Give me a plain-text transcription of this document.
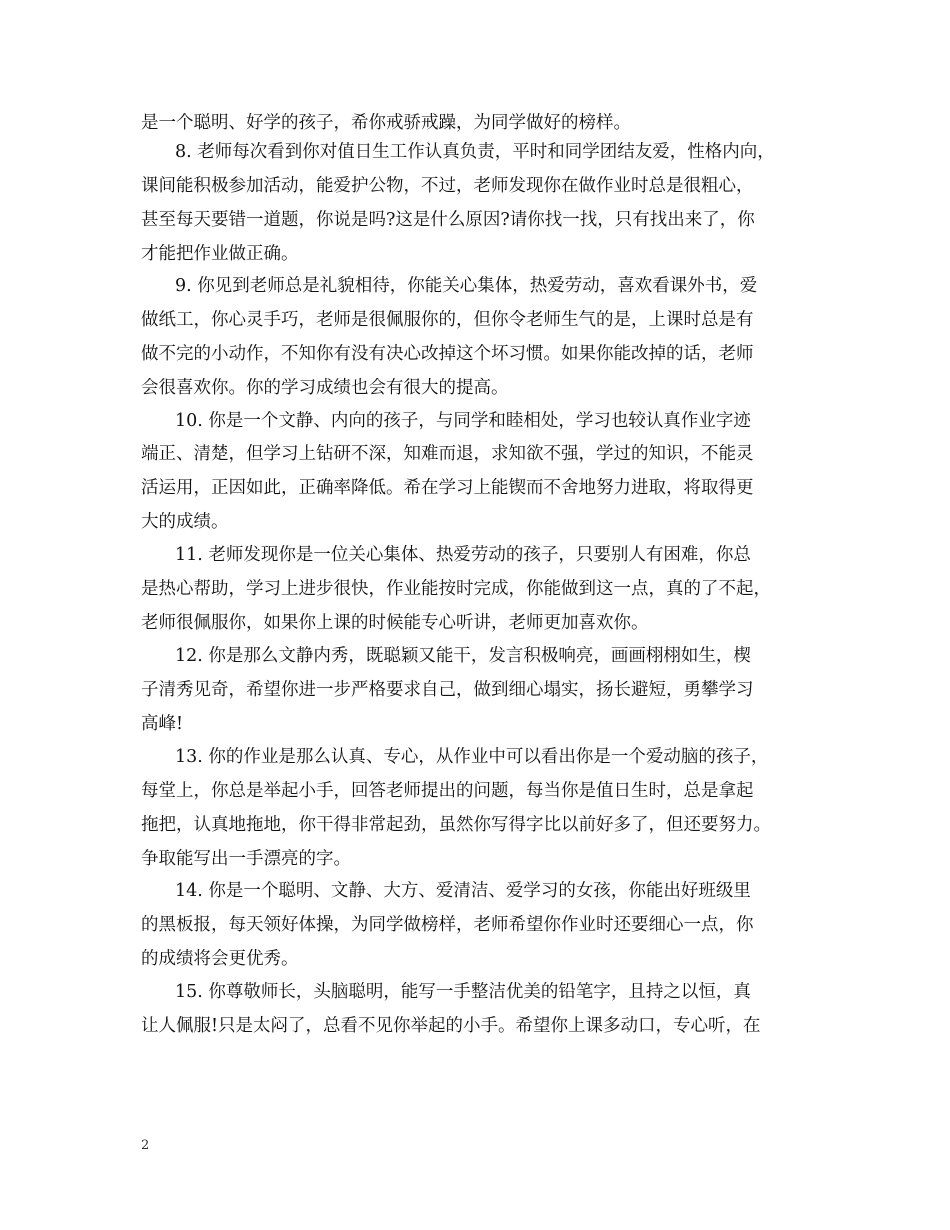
是一个聪明、好学的孩子，希你戒骄戒躁，为同学做好的榜样。
8. 老师每次看到你对值日生工作认真负责，平时和同学团结友爱，性格内向，
课间能积极参加活动，能爱护公物，不过，老师发现你在做作业时总是很粗心，
甚至每天要错一道题，你说是吗?这是什么原因?请你找一找，只有找出来了，你
才能把作业做正确。
9. 你见到老师总是礼貌相待，你能关心集体，热爱劳动，喜欢看课外书，爱
做纸工，你心灵手巧，老师是很佩服你的，但你令老师生气的是，上课时总是有
做不完的小动作，不知你有没有决心改掉这个坏习惯。如果你能改掉的话，老师
会很喜欢你。你的学习成绩也会有很大的提高。
10. 你是一个文静、内向的孩子，与同学和睦相处，学习也较认真作业字迹
端正、清楚，但学习上钻研不深，知难而退，求知欲不强，学过的知识，不能灵
活运用，正因如此，正确率降低。希在学习上能锲而不舍地努力进取，将取得更
大的成绩。
11. 老师发现你是一位关心集体、热爱劳动的孩子，只要别人有困难，你总
是热心帮助，学习上进步很快，作业能按时完成，你能做到这一点，真的了不起，
老师很佩服你，如果你上课的时候能专心听讲，老师更加喜欢你。
12. 你是那么文静内秀，既聪颖又能干，发言积极响亮，画画栩栩如生，楔
子清秀见奇，希望你进一步严格要求自己，做到细心塌实，扬长避短，勇攀学习
高峰!
13. 你的作业是那么认真、专心，从作业中可以看出你是一个爱动脑的孩子，
每堂上，你总是举起小手，回答老师提出的问题，每当你是值日生时，总是拿起
拖把，认真地拖地，你干得非常起劲，虽然你写得字比以前好多了，但还要努力。
争取能写出一手漂亮的字。
14. 你是一个聪明、文静、大方、爱清洁、爱学习的女孩，你能出好班级里
的黑板报，每天领好体操，为同学做榜样，老师希望你作业时还要细心一点，你
的成绩将会更优秀。
15. 你尊敬师长，头脑聪明，能写一手整洁优美的铅笔字，且持之以恒，真
让人佩服!只是太闷了，总看不见你举起的小手。希望你上课多动口，专心听，在
2
